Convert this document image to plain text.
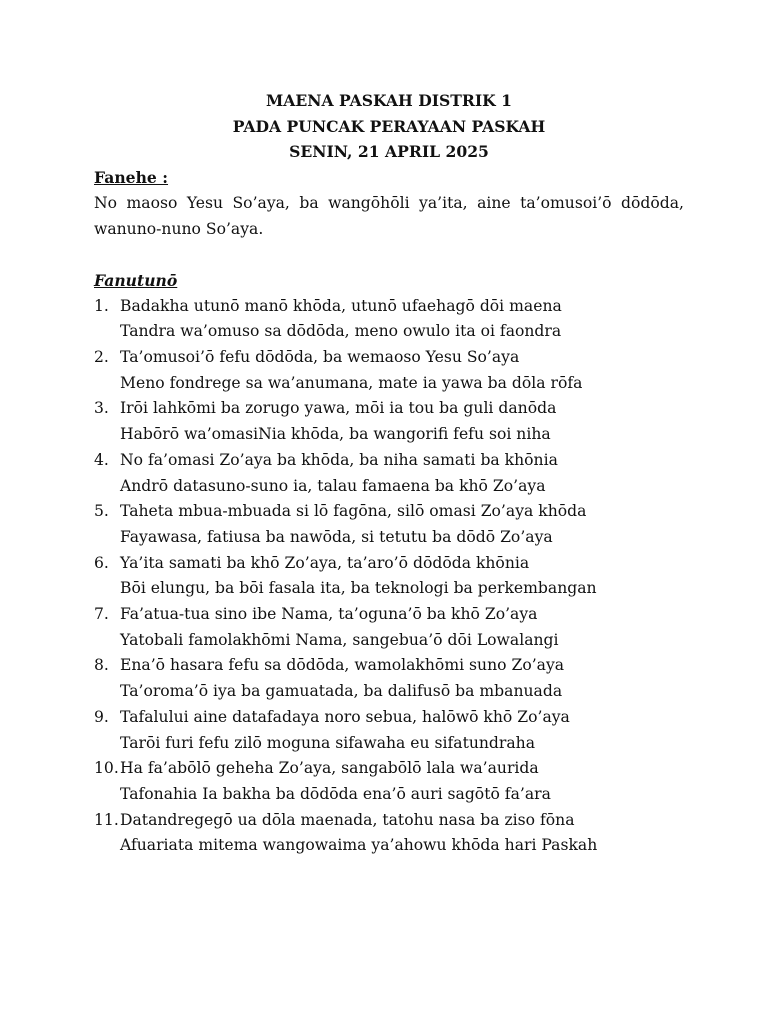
MAENA PASKAH DISTRIK 1
PADA PUNCAK PERAYAAN PASKAH
SENIN, 21 APRIL 2025
Fanehe :

No maoso Yesu So’aya, ba wangōhōli ya’ita, aine ta’omusoi’ō dōdōda, wanuno-nuno So’aya.

Fanutunō
1. Badakha utunō manō khōda, utunō ufaehagō dōi maena
Tandra wa’omuso sa dōdōda, meno owulo ita oi faondra
2. Ta’omusoi’ō fefu dōdōda, ba wemaoso Yesu So’aya
Meno fondrege sa wa’anumana, mate ia yawa ba dōla rōfa
3. Irōi lahkōmi ba zorugo yawa, mōi ia tou ba guli danōda
Habōrō wa’omasiNia khōda, ba wangorifi fefu soi niha
4. No fa’omasi Zo’aya ba khōda, ba niha samati ba khōnia
Andrō datasuno-suno ia, talau famaena ba khō Zo’aya
5. Taheta mbua-mbuada si lō fagōna, silō omasi Zo’aya khōda
Fayawasa, fatiusa ba nawōda, si tetutu ba dōdō Zo’aya
6. Ya’ita samati ba khō Zo’aya, ta’aro’ō dōdōda khōnia
Bōi elungu, ba bōi fasala ita, ba teknologi ba perkembangan
7. Fa’atua-tua sino ibe Nama, ta’oguna’ō ba khō Zo’aya
Yatobali famolakhōmi Nama, sangebua’ō dōi Lowalangi
8. Ena’ō hasara fefu sa dōdōda, wamolakhōmi suno Zo’aya
Ta’oroma’ō iya ba gamuatada, ba dalifusō ba mbanuada
9. Tafalului aine datafadaya noro sebua, halōwō khō Zo’aya
Tarōi furi fefu zilō moguna sifawaha eu sifatundraha
10. Ha fa’abōlō geheha Zo’aya, sangabōlō lala wa’aurida
Tafonahia Ia bakha ba dōdōda ena’ō auri sagōtō fa’ara
11. Datandregegō ua dōla maenada, tatohu nasa ba ziso fōna
Afuariata mitema wangowaima ya’ahowu khōda hari Paskah
